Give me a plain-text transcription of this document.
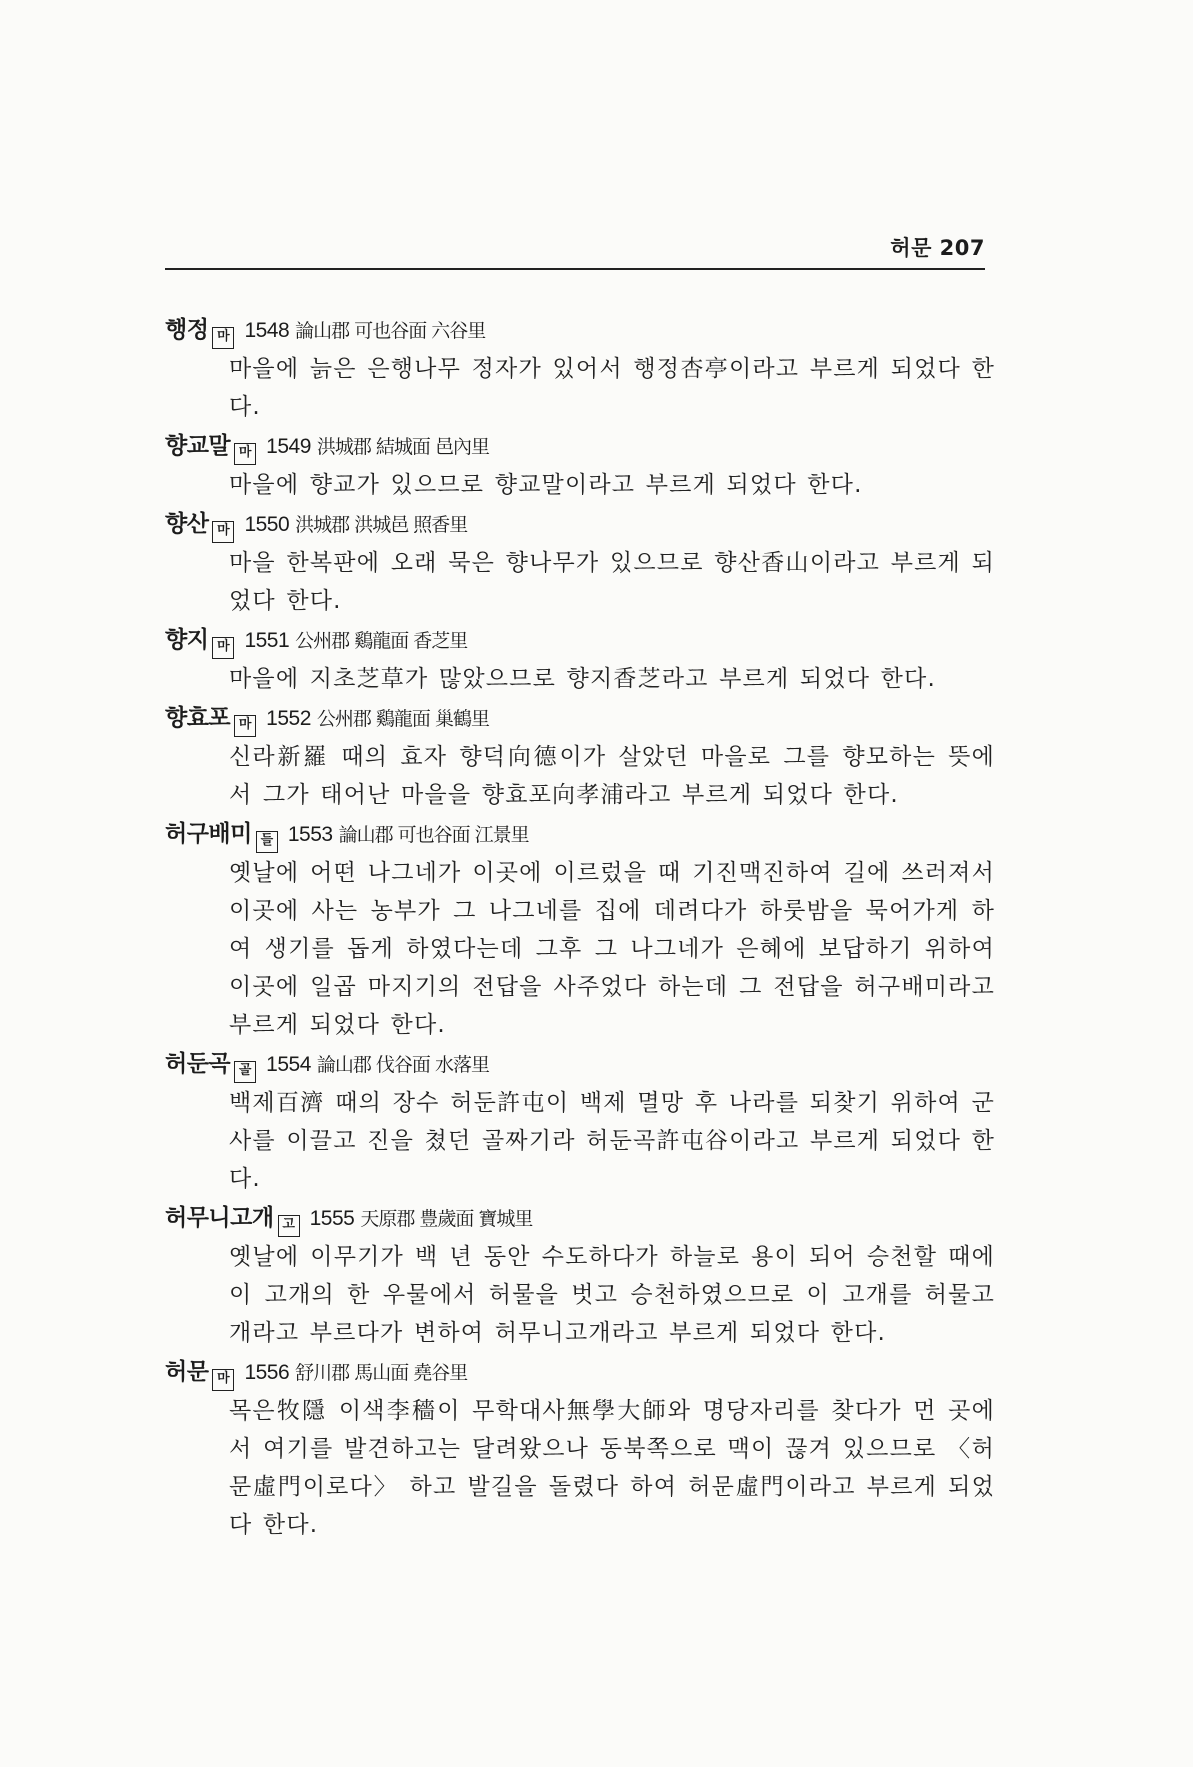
허문 207
행정 마 1548 論山郡 可也谷面 六谷里

마을에 늙은 은행나무 정자가 있어서 행정杏亭이라고 부르게 되었다 한다.

향교말 마 1549 洪城郡 結城面 邑內里

마을에 향교가 있으므로 향교말이라고 부르게 되었다 한다.

향산 마 1550 洪城郡 洪城邑 照香里

마을 한복판에 오래 묵은 향나무가 있으므로 향산香山이라고 부르게 되었다 한다.

향지 마 1551 公州郡 鷄龍面 香芝里

마을에 지초芝草가 많았으므로 향지香芝라고 부르게 되었다 한다.

향효포 마 1552 公州郡 鷄龍面 巢鶴里

신라新羅 때의 효자 향덕向德이가 살았던 마을로 그를 향모하는 뜻에서 그가 태어난 마을을 향효포向孝浦라고 부르게 되었다 한다.

허구배미 들 1553 論山郡 可也谷面 江景里

옛날에 어떤 나그네가 이곳에 이르렀을 때 기진맥진하여 길에 쓰러져서 이곳에 사는 농부가 그 나그네를 집에 데려다가 하룻밤을 묵어가게 하여 생기를 돕게 하였다는데 그후 그 나그네가 은혜에 보답하기 위하여 이곳에 일곱 마지기의 전답을 사주었다 하는데 그 전답을 허구배미라고 부르게 되었다 한다.

허둔곡 골 1554 論山郡 伐谷面 水落里

백제百濟 때의 장수 허둔許屯이 백제 멸망 후 나라를 되찾기 위하여 군사를 이끌고 진을 쳤던 골짜기라 허둔곡許屯谷이라고 부르게 되었다 한다.

허무니고개 고 1555 天原郡 豊歲面 寶城里

옛날에 이무기가 백 년 동안 수도하다가 하늘로 용이 되어 승천할 때에 이 고개의 한 우물에서 허물을 벗고 승천하였으므로 이 고개를 허물고개라고 부르다가 변하여 허무니고개라고 부르게 되었다 한다.

허문 마 1556 舒川郡 馬山面 堯谷里

목은牧隱 이색李穡이 무학대사無學大師와 명당자리를 찾다가 먼 곳에서 여기를 발견하고는 달려왔으나 동북쪽으로 맥이 끊겨 있으므로 〈허문虛門이로다〉 하고 발길을 돌렸다 하여 허문虛門이라고 부르게 되었다 한다.
